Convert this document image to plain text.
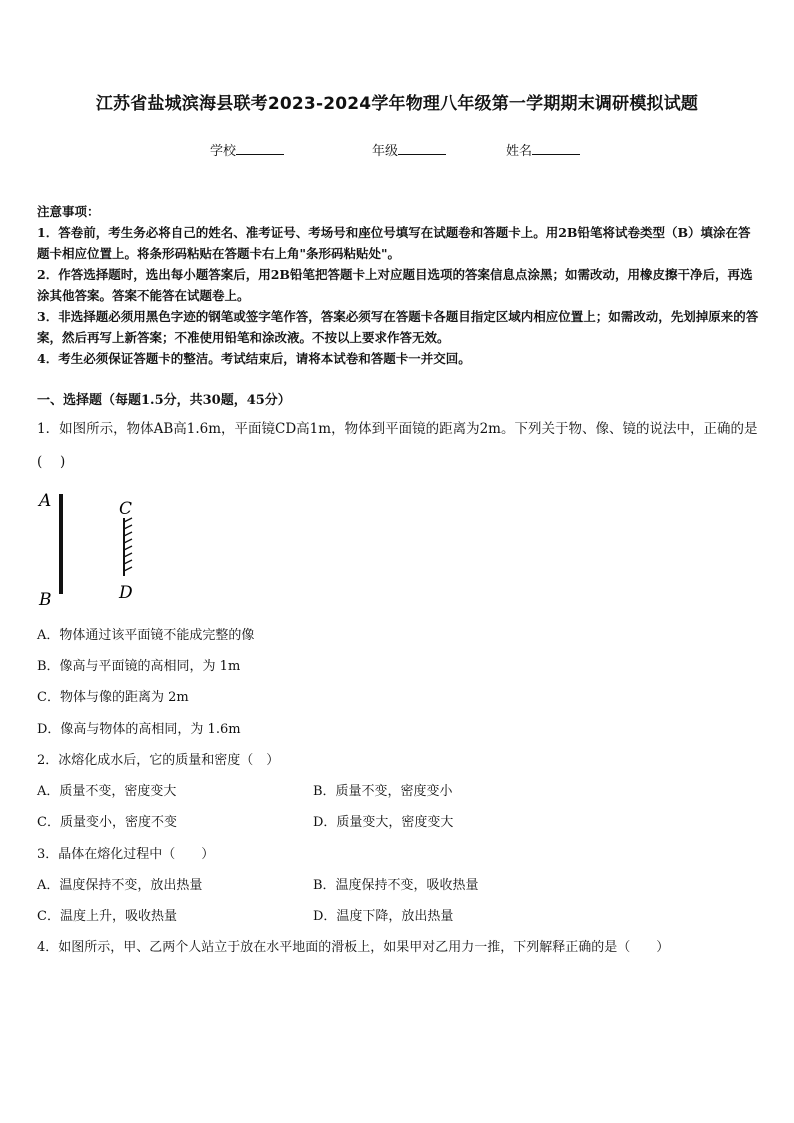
江苏省盐城滨海县联考2023-2024学年物理八年级第一学期期末调研模拟试题
学校	年级	姓名
注意事项：
1．答卷前，考生务必将自己的姓名、准考证号、考场号和座位号填写在试题卷和答题卡上。用2B铅笔将试卷类型（B）填涂在答题卡相应位置上。将条形码粘贴在答题卡右上角"条形码粘贴处"。
2．作答选择题时，选出每小题答案后，用2B铅笔把答题卡上对应题目选项的答案信息点涂黑；如需改动，用橡皮擦干净后，再选涂其他答案。答案不能答在试题卷上。
3．非选择题必须用黑色字迹的钢笔或签字笔作答，答案必须写在答题卡各题目指定区域内相应位置上；如需改动，先划掉原来的答案，然后再写上新答案；不准使用铅笔和涂改液。不按以上要求作答无效。
4．考生必须保证答题卡的整洁。考试结束后，请将本试卷和答题卡一并交回。
一、选择题（每题1.5分，共30题，45分）
1．如图所示，物体AB高1.6m，平面镜CD高1m，物体到平面镜的距离为2m。下列关于物、像、镜的说法中，正确的是(　 )
A
B
C
D
A．物体通过该平面镜不能成完整的像
B．像高与平面镜的高相同，为 1m
C．物体与像的距离为 2m
D．像高与物体的高相同，为 1.6m
2．冰熔化成水后，它的质量和密度（　）
A．质量不变，密度变大	B．质量不变，密度变小
C．质量变小，密度不变	D．质量变大，密度变大
3．晶体在熔化过程中（　　）
A．温度保持不变，放出热量	B．温度保持不变，吸收热量
C．温度上升，吸收热量	D．温度下降，放出热量
4．如图所示，甲、乙两个人站立于放在水平地面的滑板上，如果甲对乙用力一推，下列解释正确的是（　　）
